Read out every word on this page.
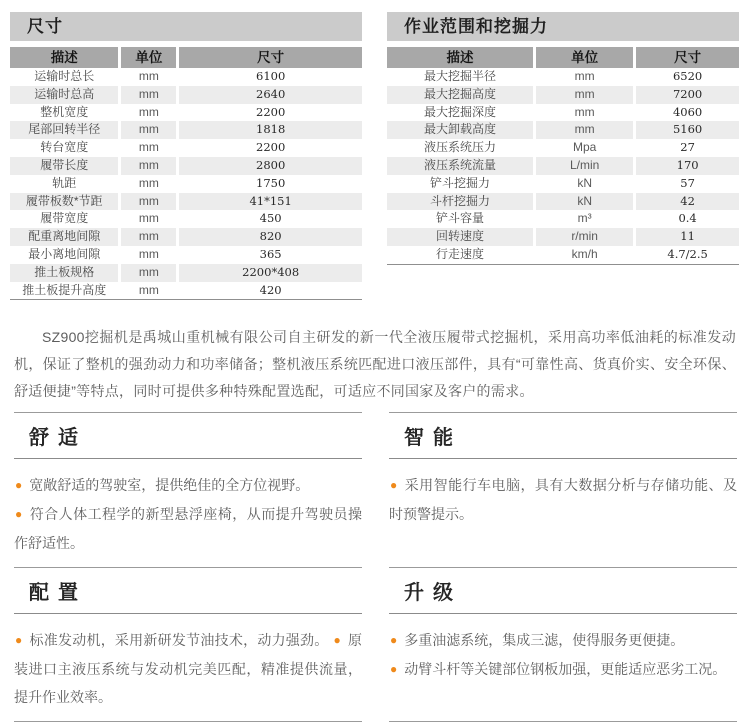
尺寸
描述	单位	尺寸
运输时总长	mm	6100
运输时总高	mm	2640
整机宽度	mm	2200
尾部回转半径	mm	1818
转台宽度	mm	2200
履带长度	mm	2800
轨距	mm	1750
履带板数*节距	mm	41*151
履带宽度	mm	450
配重离地间隙	mm	820
最小离地间隙	mm	365
推土板规格	mm	2200*408
推土板提升高度	mm	420
作业范围和挖掘力
描述	单位	尺寸
最大挖掘半径	mm	6520
最大挖掘高度	mm	7200
最大挖掘深度	mm	4060
最大卸载高度	mm	5160
液压系统压力	Mpa	27
液压系统流量	L/min	170
铲斗挖掘力	kN	57
斗杆挖掘力	kN	42
铲斗容量	m³	0.4
回转速度	r/min	11
行走速度	km/h	4.7/2.5

SZ900挖掘机是禹城山重机械有限公司自主研发的新一代全液压履带式挖掘机，采用高功率低油耗的标准发动机，保证了整机的强劲动力和功率储备；整机液压系统匹配进口液压部件，具有“可靠性高、货真价实、安全环保、舒适便捷”等特点，同时可提供多种特殊配置选配，可适应不同国家及客户的需求。

舒适

● 宽敞舒适的驾驶室，提供绝佳的全方位视野。

● 符合人体工程学的新型悬浮座椅，从而提升驾驶员操作舒适性。

智能

● 采用智能行车电脑，具有大数据分析与存储功能、及时预警提示。

配置

● 标准发动机，采用新研发节油技术，动力强劲。 ● 原装进口主液压系统与发动机完美匹配，精准提供流量，提升作业效率。

升级

● 多重油滤系统，集成三滤，使得服务更便捷。

● 动臂斗杆等关键部位钢板加强，更能适应恶劣工况。
